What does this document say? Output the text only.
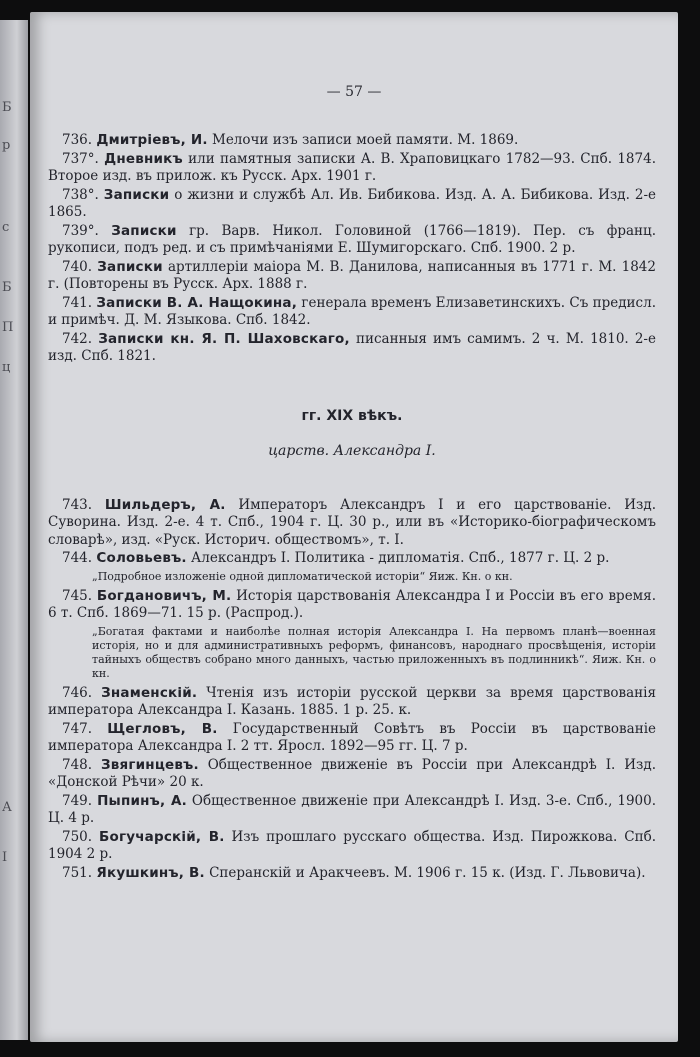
Б
р
с
Б
П
ц
А
I
— 57 —
736. Дмитріевъ, И. Мелочи изъ записи моей памяти. М. 1869.
737°. Дневникъ или памятныя записки А. В. Храповицкаго 1782—93. Спб. 1874. Второе изд. въ прилож. къ Русск. Арх. 1901 г.
738°. Записки о жизни и службѣ Ал. Ив. Бибикова. Изд. А. А. Бибикова. Изд. 2-е 1865.
739°. Записки гр. Варв. Никол. Головиной (1766—1819). Пер. съ франц. рукописи, подъ ред. и съ примѣчаніями Е. Шумигорскаго. Спб. 1900. 2 р.
740. Записки артиллеріи маіора М. В. Данилова, написанныя въ 1771 г. М. 1842 г. (Повторены въ Русск. Арх. 1888 г.
741. Записки В. А. Нащокина, генерала временъ Елизаветинскихъ. Съ предисл. и примѣч. Д. М. Языкова. Спб. 1842.
742. Записки кн. Я. П. Шаховскаго, писанныя имъ самимъ. 2 ч. М. 1810. 2-е изд. Спб. 1821.
гг. XIX вѣкъ.
царств. Александра I.
743. Шильдеръ, А. Императоръ Александръ I и его царствованіе. Изд. Суворина. Изд. 2-е. 4 т. Спб., 1904 г. Ц. 30 р., или въ «Историко-біографическомъ словарѣ», изд. «Руск. Историч. обществомъ», т. I.
744. Соловьевъ. Александръ I. Политика - дипломатія. Спб., 1877 г. Ц. 2 р.
„Подробное изложеніе одной дипломатической исторіи“ Яиж. Кн. о кн.
745. Богдановичъ, М. Исторія царствованія Александра I и Россіи въ его время. 6 т. Спб. 1869—71. 15 р. (Распрод.).
„Богатая фактами и наиболѣе полная исторія Александра I. На первомъ планѣ—военная исторія, но и для административныхъ реформъ, финансовъ, народнаго просвѣщенія, исторіи тайныхъ обществъ собрано много данныхъ, частью приложенныхъ въ подлинникѣ“. Яиж. Кн. о кн.
746. Знаменскій. Чтенія изъ исторіи русской церкви за время царствованія императора Александра I. Казань. 1885. 1 р. 25. к.
747. Щегловъ, В. Государственный Совѣтъ въ Россіи въ царствованіе императора Александра I. 2 тт. Яросл. 1892—95 гг. Ц. 7 р.
748. Звягинцевъ. Общественное движеніе въ Россіи при Александрѣ I. Изд. «Донской Рѣчи» 20 к.
749. Пыпинъ, А. Общественное движеніе при Александрѣ I. Изд. 3-е. Спб., 1900. Ц. 4 р.
750. Богучарскій, В. Изъ прошлаго русскаго общества. Изд. Пирожкова. Спб. 1904 2 р.
751. Якушкинъ, В. Сперанскій и Аракчеевъ. М. 1906 г. 15 к. (Изд. Г. Львовича).
